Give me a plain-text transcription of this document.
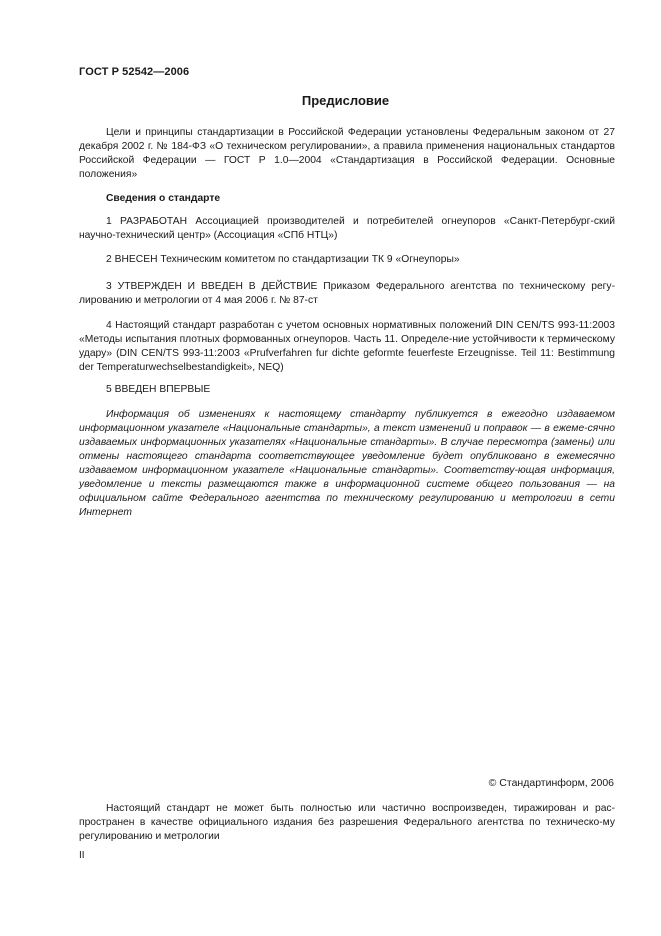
ГОСТ Р 52542—2006
Предисловие
Цели и принципы стандартизации в Российской Федерации установлены Федеральным законом от 27 декабря 2002 г. № 184-ФЗ «О техническом регулировании», а правила применения национальных стандартов Российской Федерации — ГОСТ Р 1.0—2004 «Стандартизация в Российской Федерации. Основные положения»
Сведения о стандарте
1 РАЗРАБОТАН Ассоциацией производителей и потребителей огнеупоров «Санкт-Петербург-ский научно-технический центр» (Ассоциация «СПб НТЦ»)
2 ВНЕСЕН Техническим комитетом по стандартизации ТК 9 «Огнеупоры»
3 УТВЕРЖДЕН И ВВЕДЕН В ДЕЙСТВИЕ Приказом Федерального агентства по техническому регу-лированию и метрологии от 4 мая 2006 г. № 87-ст
4 Настоящий стандарт разработан с учетом основных нормативных положений DIN CEN/TS 993-11:2003 «Методы испытания плотных формованных огнеупоров. Часть 11. Определе-ние устойчивости к термическому удару» (DIN CEN/TS 993-11:2003 «Prufverfahren fur dichte geformte feuerfeste Erzeugnisse. Teil 11: Bestimmung der Temperaturwechselbestandigkeit», NEQ)
5 ВВЕДЕН ВПЕРВЫЕ
Информация об изменениях к настоящему стандарту публикуется в ежегодно издаваемом информационном указателе «Национальные стандарты», а текст изменений и поправок — в ежеме-сячно издаваемых информационных указателях «Национальные стандарты». В случае пересмотра (замены) или отмены настоящего стандарта соответствующее уведомление будет опубликовано в ежемесячно издаваемом информационном указателе «Национальные стандарты». Соответству-ющая информация, уведомление и тексты размещаются также в информационной системе общего пользования — на официальном сайте Федерального агентства по техническому регулированию и метрологии в сети Интернет
© Стандартинформ, 2006
Настоящий стандарт не может быть полностью или частично воспроизведен, тиражирован и рас-пространен в качестве официального издания без разрешения Федерального агентства по техническо-му регулированию и метрологии
II
